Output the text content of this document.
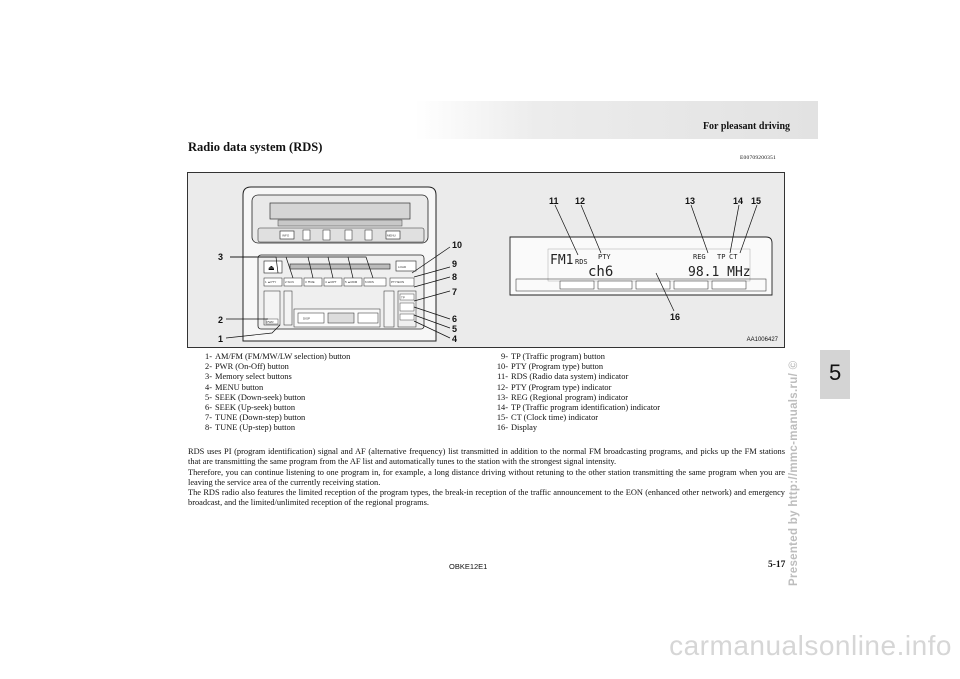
For pleasant driving
Radio data system (RDS)
E00709200351
INFO	MENU
⏏	LOAD
1 ▲PTY	2 SCN	3 ▼RE	4 ▲RPT	5 ▲RDM	6 RDS	PTY/EON
PWR
DISP
TP
3
2
1
10
9
8
7
6
5
4
FM1 RDS
PTY	REG TP CT
ch6	98.1 MHz
11 12	13	14 15
16
AA1006427
1- AM/FM (FM/MW/LW selection) button
2- PWR (On-Off) button
3- Memory select buttons
4- MENU button
5- SEEK (Down-seek) button
6- SEEK (Up-seek) button
7- TUNE (Down-step) button
8- TUNE (Up-step) button
9- TP (Traffic program) button
10- PTY (Program type) button
11- RDS (Radio data system) indicator
12- PTY (Program type) indicator
13- REG (Regional program) indicator
14- TP (Traffic program identification) indicator
15- CT (Clock time) indicator
16- Display

RDS uses PI (program identification) signal and AF (alternative frequency) list transmitted in addition to the normal FM broadcasting programs, and picks up the FM stations that are transmitting the same program from the AF list and automatically tunes to the station with the strongest signal intensity.

Therefore, you can continue listening to one program in, for example, a long distance driving without retuning to the other station transmitting the same program when you are leaving the service area of the currently receiving station.

The RDS radio also features the limited reception of the program types, the break-in reception of the traffic announcement to the EON (enhanced other network) and emergency broadcast, and the limited/unlimited reception of the regional programs.

5
Presented by http://mmc-manuals.ru/ ©
OBKE12E1	5-17
carmanualsonline.info
